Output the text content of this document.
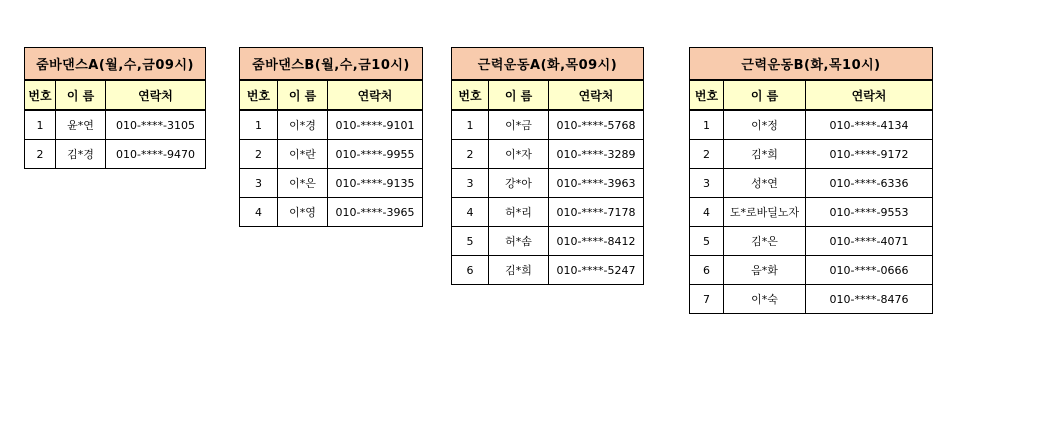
줌바댄스A(월,수,금09시)		
번호	이 름	연락처
1	윤*연	010-****-3105
2	김*경	010-****-9470
줌바댄스B(월,수,금10시)		
번호	이 름	연락처
1	이*경	010-****-9101
2	이*란	010-****-9955
3	이*은	010-****-9135
4	이*영	010-****-3965
근력운동A(화,목09시)		
번호	이 름	연락처
1	이*금	010-****-5768
2	이*자	010-****-3289
3	강*아	010-****-3963
4	허*리	010-****-7178
5	허*솜	010-****-8412
6	김*희	010-****-5247
근력운동B(화,목10시)		
번호	이 름	연락처
1	이*정	010-****-4134
2	김*희	010-****-9172
3	성*연	010-****-6336
4	도*로바딜노자	010-****-9553
5	김*은	010-****-4071
6	음*화	010-****-0666
7	이*숙	010-****-8476
